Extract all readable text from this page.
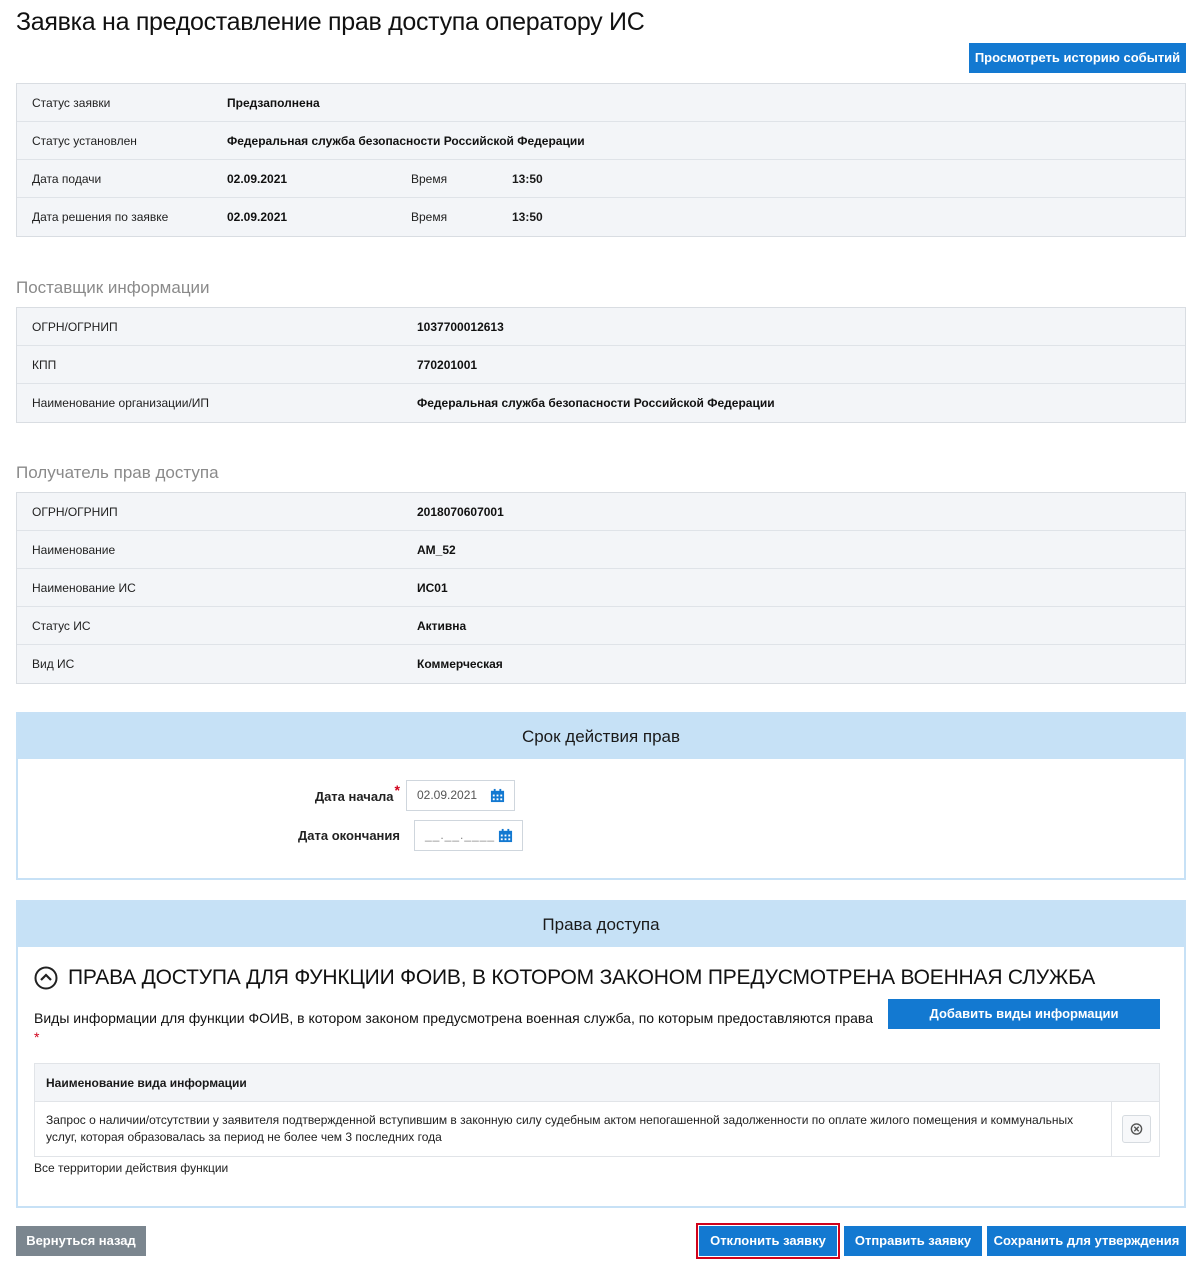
Заявка на предоставление прав доступа оператору ИС
Просмотреть историю событий
Статус заявки	Предзаполнена
Статус установлен	Федеральная служба безопасности Российской Федерации
Дата подачи	02.09.2021	Время	13:50
Дата решения по заявке	02.09.2021	Время	13:50
Поставщик информации
ОГРН/ОГРНИП	1037700012613
КПП	770201001
Наименование организации/ИП	Федеральная служба безопасности Российской Федерации
Получатель прав доступа
ОГРН/ОГРНИП	2018070607001
Наименование	AM_52
Наименование ИС	ИС01
Статус ИС	Активна
Вид ИС	Коммерческая
Срок действия прав
Дата начала*	02.09.2021
Дата окончания	__.__.____
Права доступа
ПРАВА ДОСТУПА ДЛЯ ФУНКЦИИ ФОИВ, В КОТОРОМ ЗАКОНОМ ПРЕДУСМОТРЕНА ВОЕННАЯ СЛУЖБА
Виды информации для функции ФОИВ, в котором законом предусмотрена военная служба, по которым предоставляются права
*
Добавить виды информации
Наименование вида информации
Запрос о наличии/отсутствии у заявителя подтвержденной вступившим в законную силу судебным актом непогашенной задолженности по оплате жилого помещения и коммунальных услуг, которая образовалась за период не более чем 3 последних года
Все территории действия функции
Вернуться назад	Отклонить заявку	Отправить заявку	Сохранить для утверждения
